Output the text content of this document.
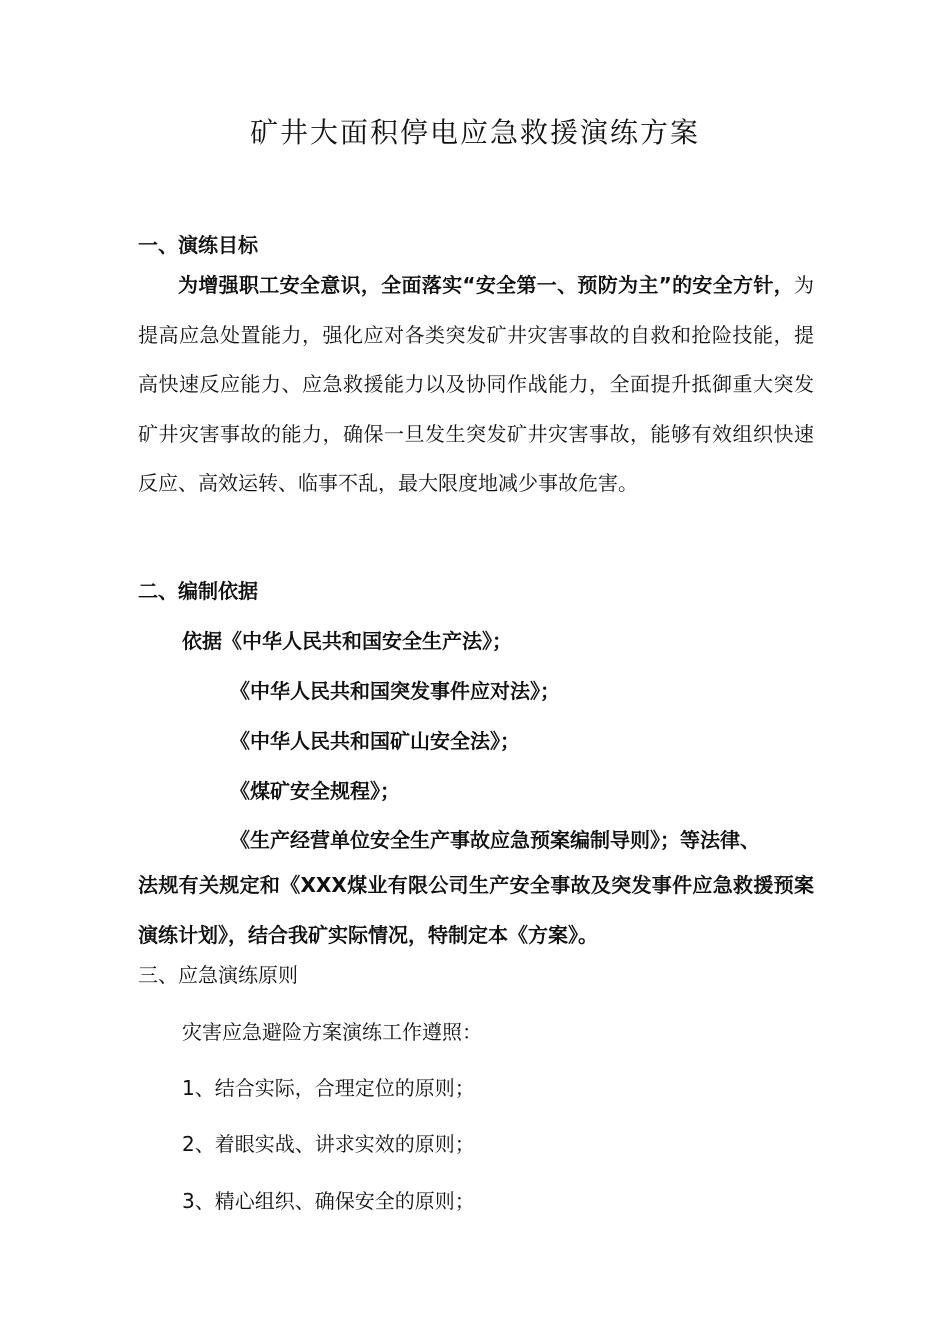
矿井大面积停电应急救援演练方案

一、演练目标

为增强职工安全意识，全面落实“安全第一、预防为主”的安全方针，为提高应急处置能力，强化应对各类突发矿井灾害事故的自救和抢险技能，提高快速反应能力、应急救援能力以及协同作战能力，全面提升抵御重大突发矿井灾害事故的能力，确保一旦发生突发矿井灾害事故，能够有效组织快速反应、高效运转、临事不乱，最大限度地减少事故危害。

二、编制依据

依据《中华人民共和国安全生产法》；

《中华人民共和国突发事件应对法》；

《中华人民共和国矿山安全法》；

《煤矿安全规程》；

《生产经营单位安全生产事故应急预案编制导则》；等法律、

法规有关规定和《XXX煤业有限公司生产安全事故及突发事件应急救援预案演练计划》，结合我矿实际情况，特制定本《方案》。

三、应急演练原则

灾害应急避险方案演练工作遵照：

1、结合实际，合理定位的原则；

2、着眼实战、讲求实效的原则；

3、精心组织、确保安全的原则；
